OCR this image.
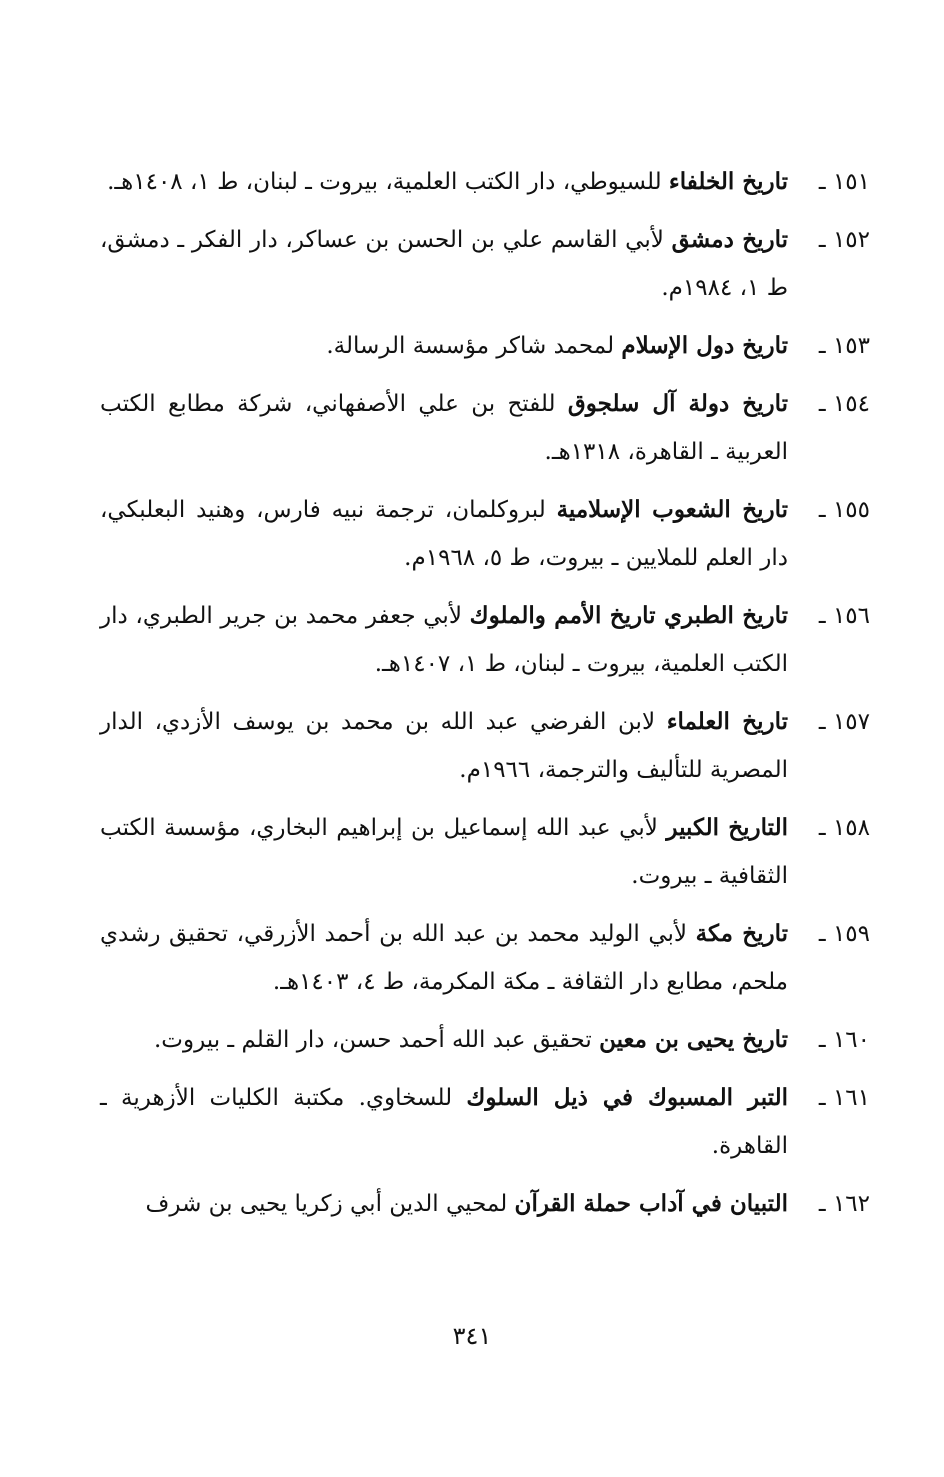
١٥١ ـ
تاريخ الخلفاء للسيوطي، دار الكتب العلمية، بيروت ـ لبنان، ط ١، ١٤٠٨هـ.
١٥٢ ـ
تاريخ دمشق لأبي القاسم علي بن الحسن بن عساكر، دار الفكر ـ دمشق، ط ١، ١٩٨٤م.
١٥٣ ـ
تاريخ دول الإسلام لمحمد شاكر مؤسسة الرسالة.
١٥٤ ـ
تاريخ دولة آل سلجوق للفتح بن علي الأصفهاني، شركة مطابع الكتب العربية ـ القاهرة، ١٣١٨هـ.
١٥٥ ـ
تاريخ الشعوب الإسلامية لبروكلمان، ترجمة نبيه فارس، وهنيد البعلبكي، دار العلم للملايين ـ بيروت، ط ٥، ١٩٦٨م.
١٥٦ ـ
تاريخ الطبري تاريخ الأمم والملوك لأبي جعفر محمد بن جرير الطبري، دار الكتب العلمية، بيروت ـ لبنان، ط ١، ١٤٠٧هـ.
١٥٧ ـ
تاريخ العلماء لابن الفرضي عبد الله بن محمد بن يوسف الأزدي، الدار المصرية للتأليف والترجمة، ١٩٦٦م.
١٥٨ ـ
التاريخ الكبير لأبي عبد الله إسماعيل بن إبراهيم البخاري، مؤسسة الكتب الثقافية ـ بيروت.
١٥٩ ـ
تاريخ مكة لأبي الوليد محمد بن عبد الله بن أحمد الأزرقي، تحقيق رشدي ملحم، مطابع دار الثقافة ـ مكة المكرمة، ط ٤، ١٤٠٣هـ.
١٦٠ ـ
تاريخ يحيى بن معين تحقيق عبد الله أحمد حسن، دار القلم ـ بيروت.
١٦١ ـ
التبر المسبوك في ذيل السلوك للسخاوي. مكتبة الكليات الأزهرية ـ القاهرة.
١٦٢ ـ
التبيان في آداب حملة القرآن لمحيي الدين أبي زكريا يحيى بن شرف
٣٤١
